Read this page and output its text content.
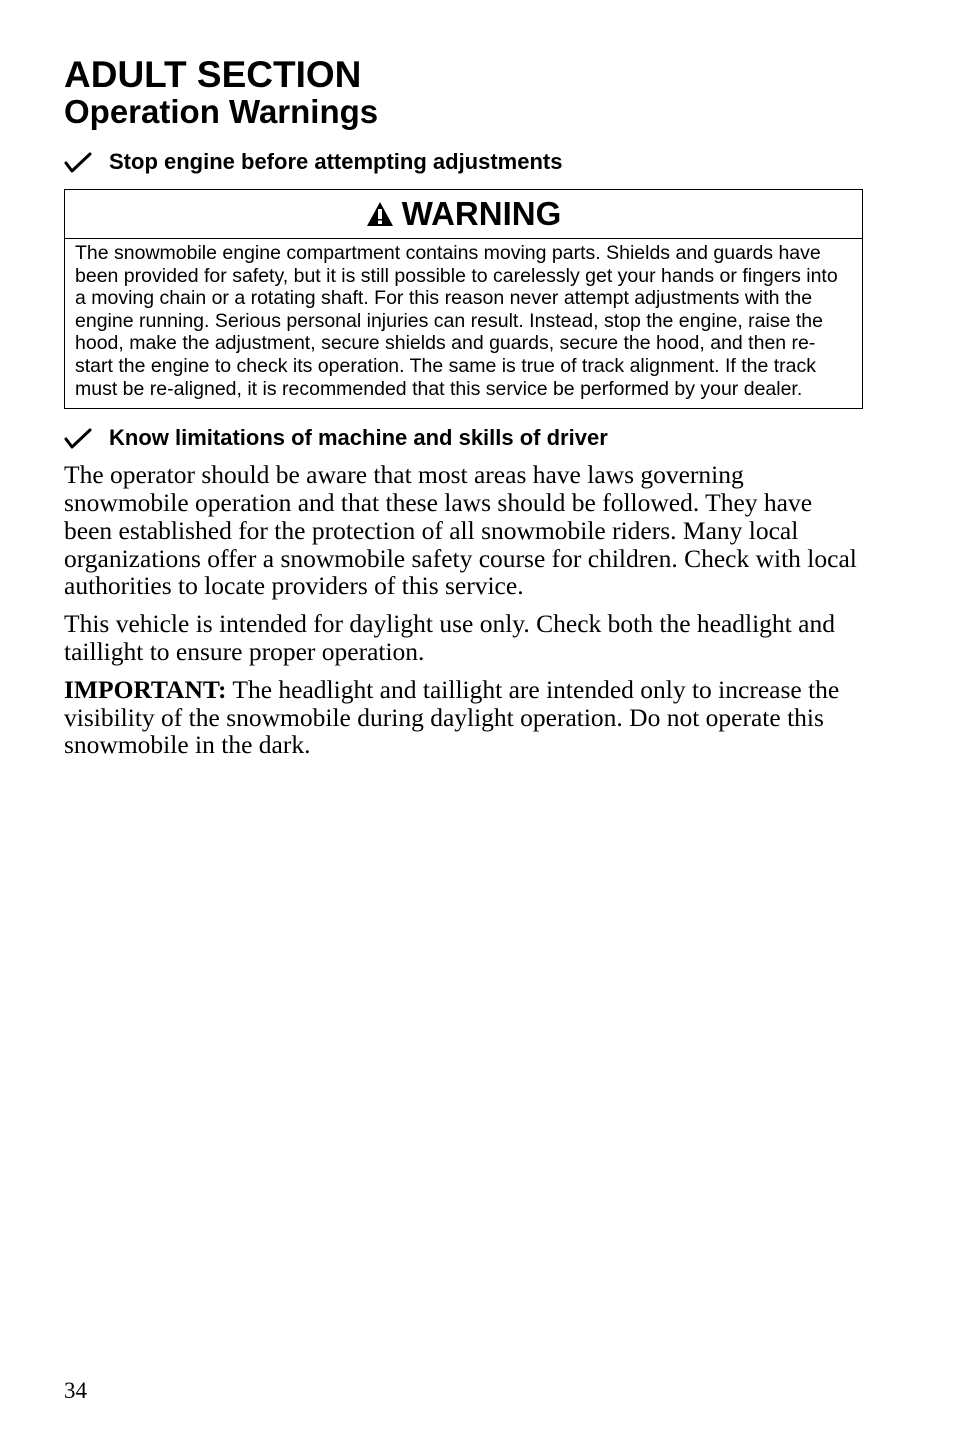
ADULT SECTION
Operation Warnings
Stop engine before attempting adjustments
WARNING
The snowmobile engine compartment contains moving parts. Shields and guards have been provided for safety, but it is still possible to carelessly get your hands or fingers into a moving chain or a rotating shaft. For this reason never attempt adjustments with the engine running. Serious personal injuries can result. Instead, stop the engine, raise the hood, make the adjustment, secure shields and guards, secure the hood, and then re-start the engine to check its operation. The same is true of track alignment. If the track must be re-aligned, it is recommended that this service be performed by your dealer.
Know limitations of machine and skills of driver

The operator should be aware that most areas have laws governing snowmobile operation and that these laws should be followed. They have been established for the protection of all snowmobile riders. Many local organizations offer a snowmobile safety course for children. Check with local authorities to locate providers of this service.

This vehicle is intended for daylight use only. Check both the headlight and taillight to ensure proper operation.

IMPORTANT: The headlight and taillight are intended only to increase the visibility of the snowmobile during daylight operation. Do not operate this snowmobile in the dark.

34
